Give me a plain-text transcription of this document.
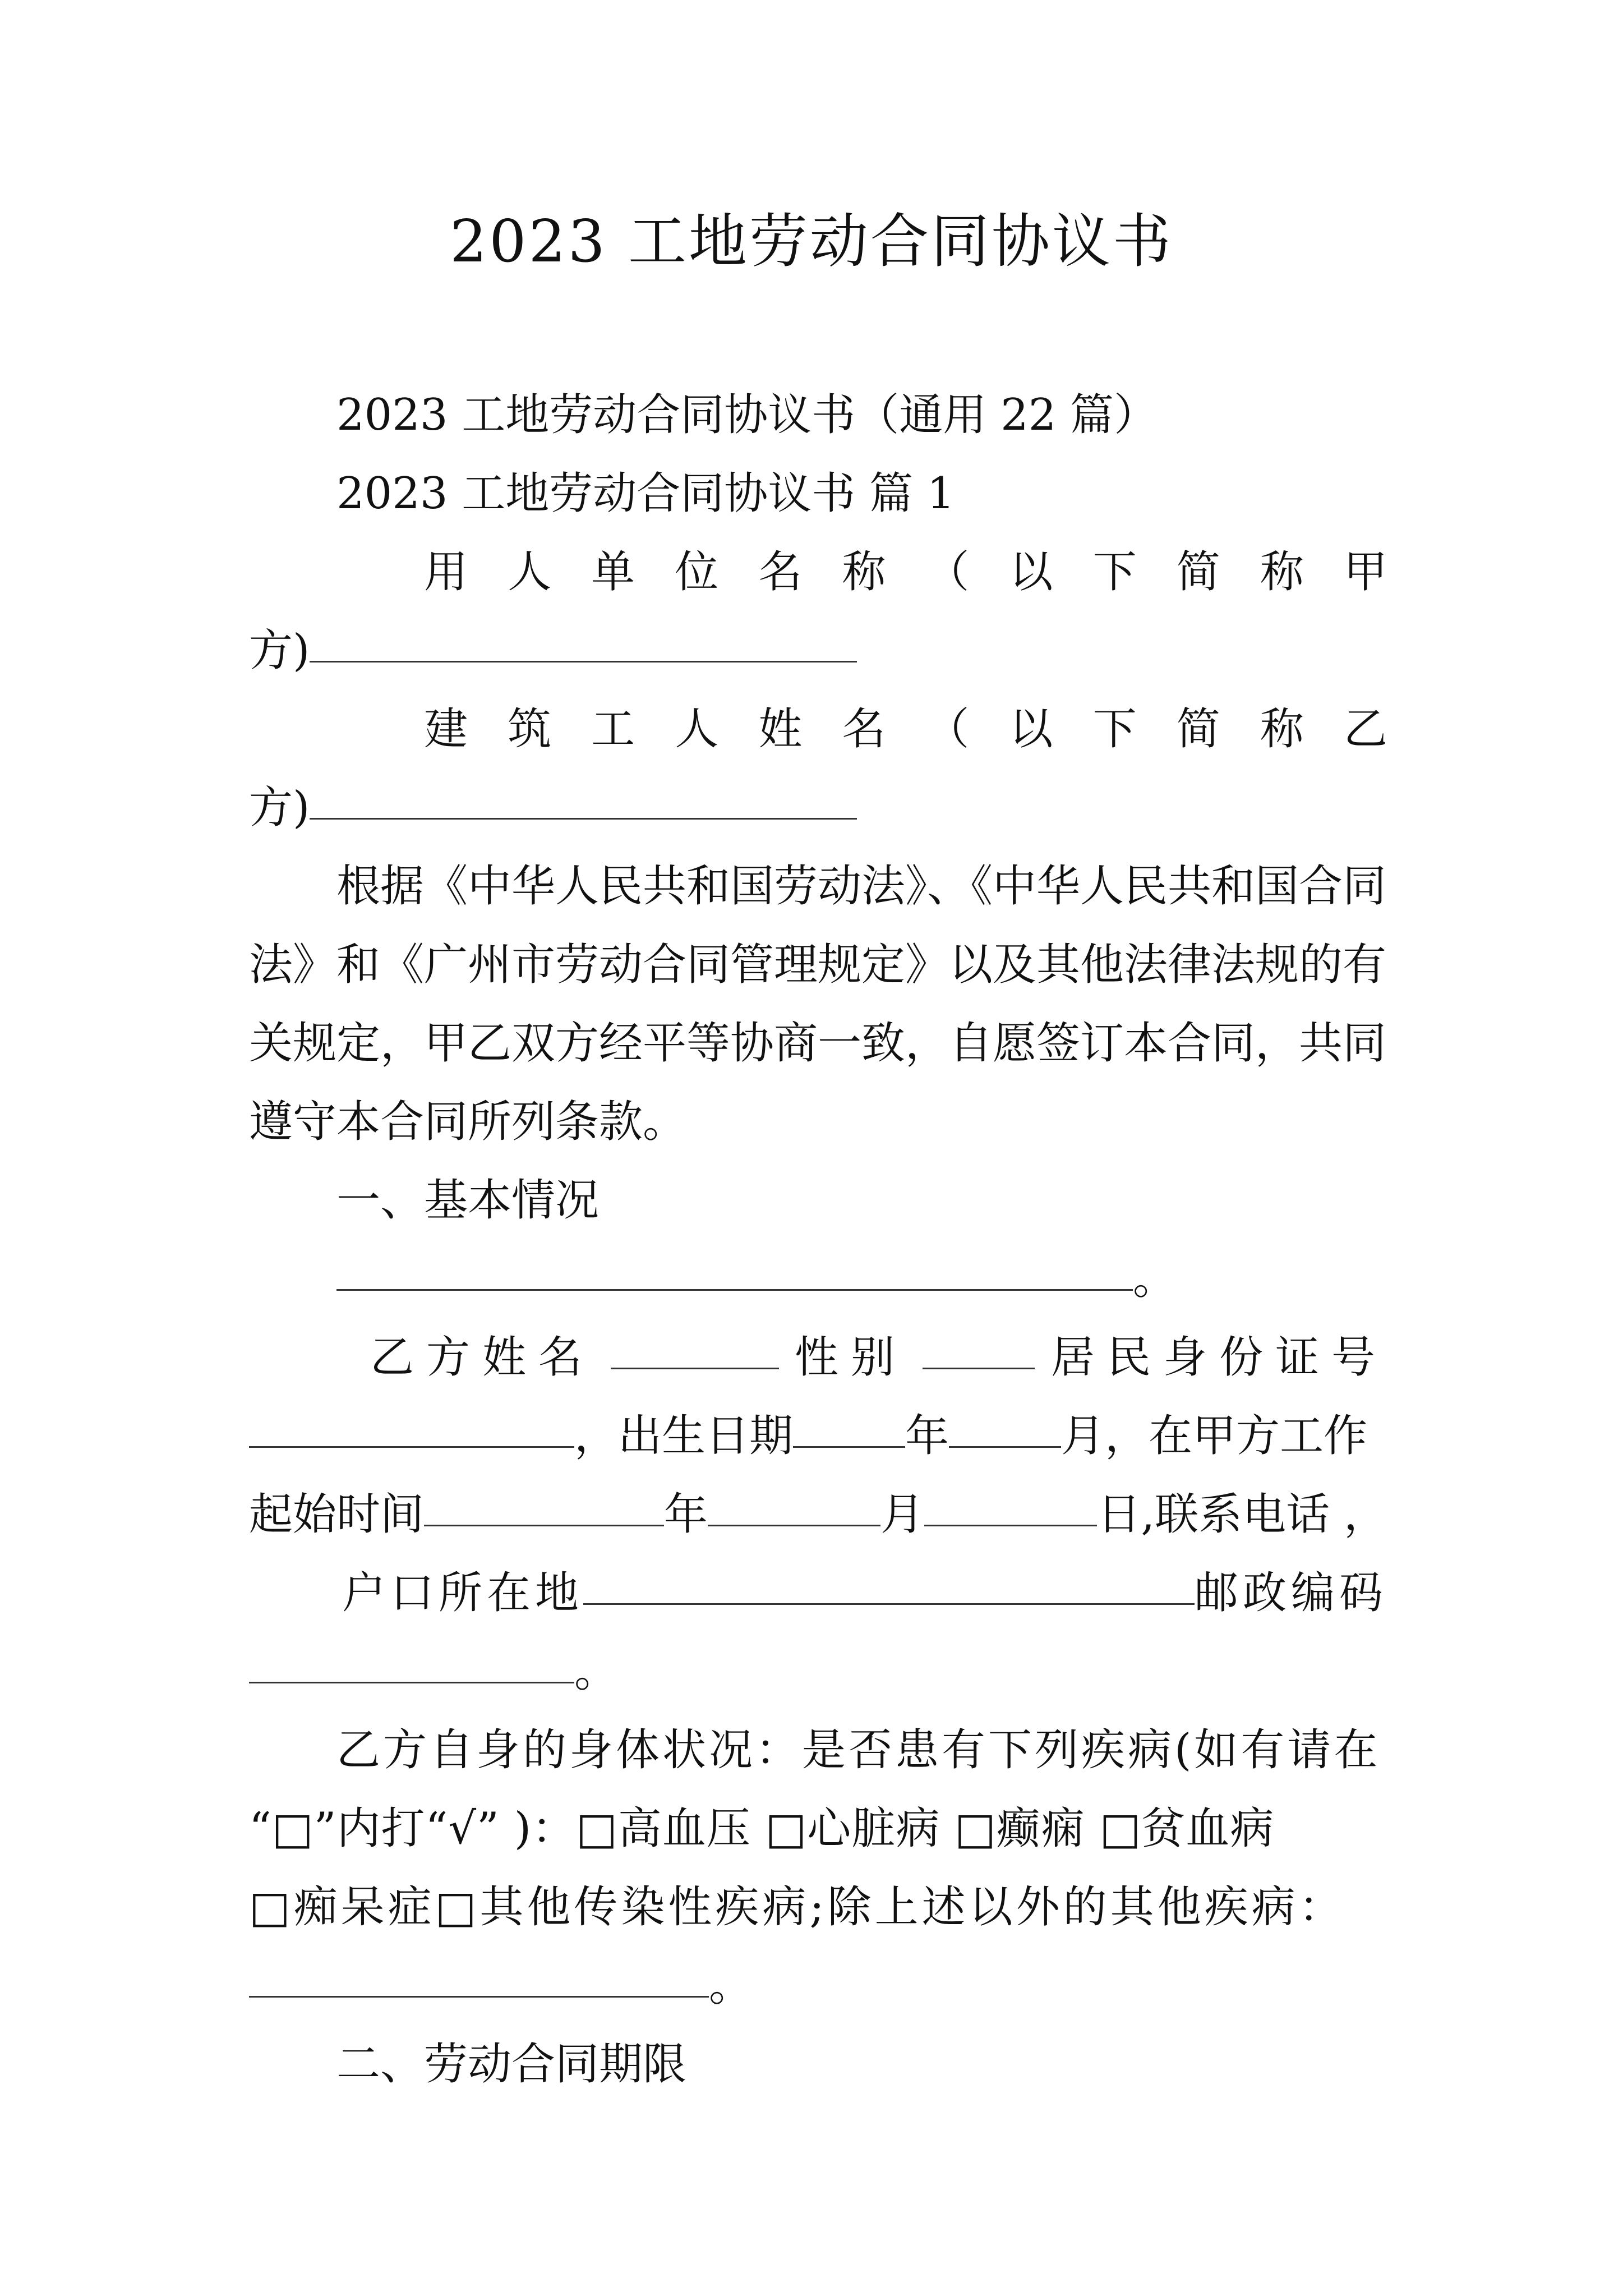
2023 工地劳动合同协议书
2023 工地劳动合同协议书（通用 22 篇）
2023 工地劳动合同协议书 篇 1
用 人 单 位 名 称 （ 以 下 简 称 甲
方)
建 筑 工 人 姓 名 （ 以 下 简 称 乙
方)
根据《中华人民共和国劳动法》、《中华人民共和国合同
法》和《广州市劳动合同管理规定》以及其他法律法规的有
关规定，甲乙双方经平等协商一致，自愿签订本合同，共同
遵守本合同所列条款。
一、基本情况
。
乙方姓名	性别	居民身份证号
，出生日期	年	月 ，在甲方工作
起始时间	年	月	日,联系电话 ，
户口所在地	邮政编码
。
乙方自身的身体状况：是否患有下列疾病(如有请在
“□”内打“√” )：□高血压 □心脏病 □癫痫 □贫血病
□痴呆症□其他传染性疾病;除上述以外的其他疾病：
。
二、劳动合同期限
